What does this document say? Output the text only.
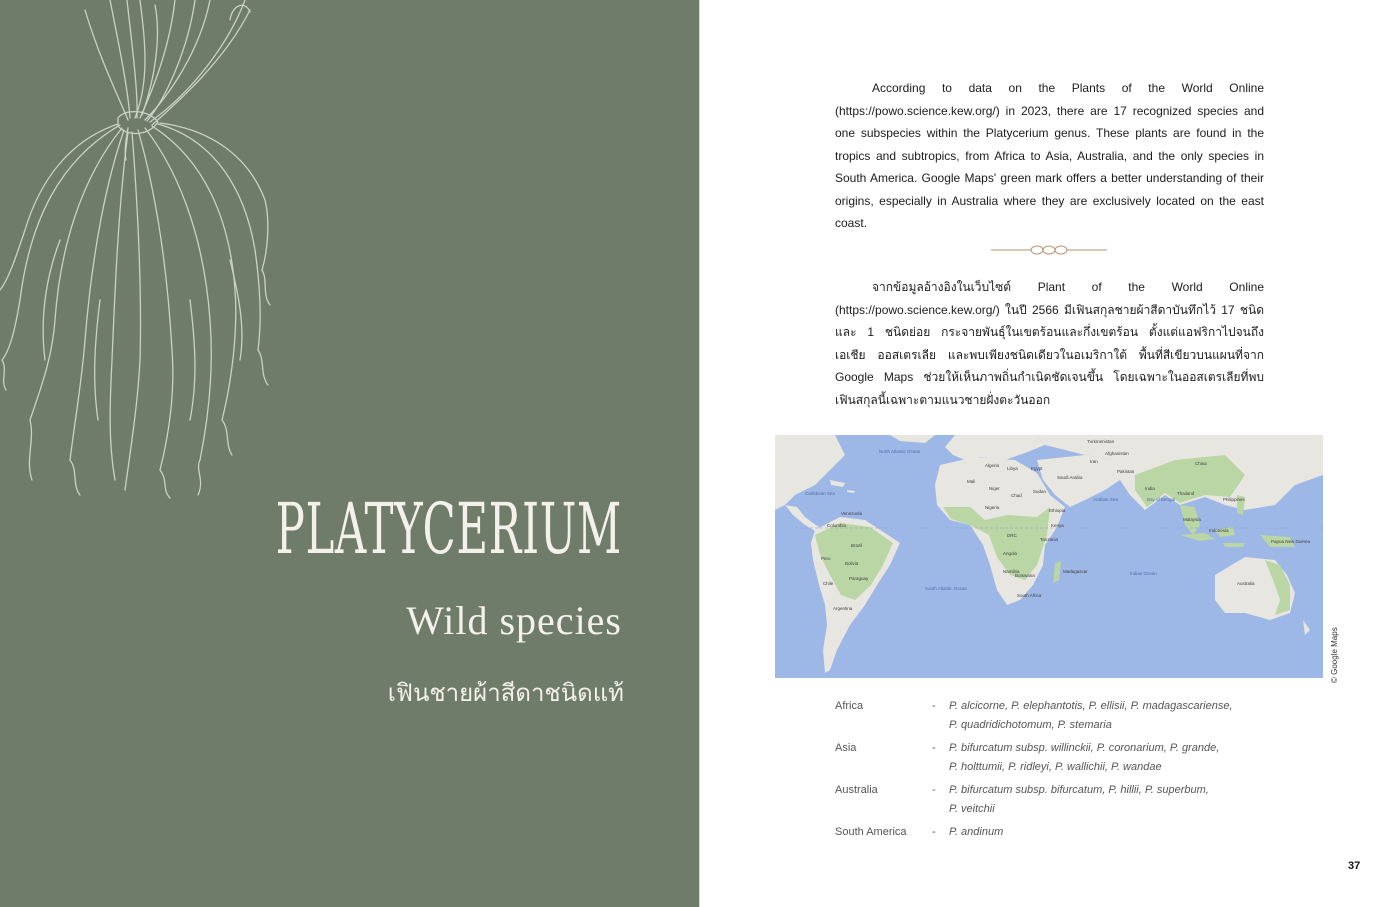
PLATYCERIUM
Wild species
เฟินชายผ้าสีดาชนิดแท้

According to data on the Plants of the World Online (https://powo.science.kew.org/) in 2023, there are 17 recognized species and one subspecies within the Platycerium genus. These plants are found in the tropics and subtropics, from Africa to Asia, Australia, and the only species in South America. Google Maps' green mark offers a better understanding of their origins, especially in Australia where they are exclusively located on the east coast.

จากข้อมูลอ้างอิงในเว็บไซต์ Plant of the World Online (https://powo.science.kew.org/) ในปี 2566 มีเฟินสกุลชายผ้าสีดาบันทึกไว้ 17 ชนิด และ 1 ชนิดย่อย กระจายพันธุ์ในเขตร้อนและกึ่งเขตร้อน ตั้งแต่แอฟริกาไปจนถึงเอเชีย ออสเตรเลีย และพบเพียงชนิดเดียวในอเมริกาใต้ พื้นที่สีเขียวบนแผนที่จาก Google Maps ช่วยให้เห็นภาพถิ่นกำเนิดชัดเจนขึ้น โดยเฉพาะในออสเตรเลียที่พบเฟินสกุลนี้เฉพาะตามแนวชายฝั่งตะวันออก

North Atlantic Ocean
South Atlantic Ocean
Indian Ocean
Bay of Bengal
Arabian Sea
Caribbean Sea
Brazil
DRC
India
China
Australia
Indonesia
Algeria
Libya	Egypt
Sudan
Chad
Niger
Mali
Nigeria
Ethiopia
Kenya
Tanzania
Angola
Namibia
Botswana
South Africa
Madagascar
Saudi Arabia
Iran
Pakistan
Afghanistan
Turkmenistan
Peru
Bolivia
Colombia
Venezuela
Argentina
Paraguay
Chile
Thailand
Philippines
Malaysia
Papua New Guinea
© Google Maps
Africa	- P. alcicorne, P. elephantotis, P. ellisii, P. madagascariense,
P. quadridichotomum, P. stemaria
Asia	- P. bifurcatum subsp. willinckii, P. coronarium, P. grande,
P. holttumii, P. ridleyi, P. wallichii, P. wandae
Australia	- P. bifurcatum subsp. bifurcatum, P. hillii, P. superbum,
P. veitchii
South America - P. andinum
37
